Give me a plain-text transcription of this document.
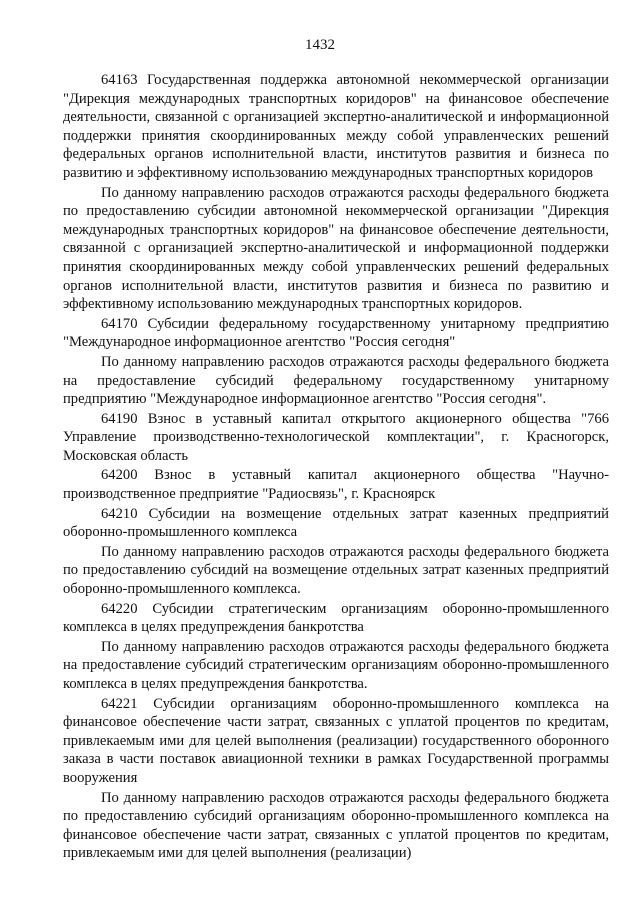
1432

64163 Государственная поддержка автономной некоммерческой организации "Дирекция международных транспортных коридоров" на финансовое обеспечение деятельности, связанной с организацией экспертно-аналитической и информационной поддержки принятия скоординированных между собой управленческих решений федеральных органов исполнительной власти, институтов развития и бизнеса по развитию и эффективному использованию международных транспортных коридоров

По данному направлению расходов отражаются расходы федерального бюджета по предоставлению субсидии автономной некоммерческой организации "Дирекция международных транспортных коридоров" на финансовое обеспечение деятельности, связанной с организацией экспертно-аналитической и информационной поддержки принятия скоординированных между собой управленческих решений федеральных органов исполнительной власти, институтов развития и бизнеса по развитию и эффективному использованию международных транспортных коридоров.

64170 Субсидии федеральному государственному унитарному предприятию "Международное информационное агентство "Россия сегодня"

По данному направлению расходов отражаются расходы федерального бюджета на предоставление субсидий федеральному государственному унитарному предприятию "Международное информационное агентство "Россия сегодня".

64190 Взнос в уставный капитал открытого акционерного общества "766 Управление производственно-технологической комплектации", г. Красногорск, Московская область

64200 Взнос в уставный капитал акционерного общества "Научно-производственное предприятие "Радиосвязь", г. Красноярск

64210 Субсидии на возмещение отдельных затрат казенных предприятий оборонно-промышленного комплекса

По данному направлению расходов отражаются расходы федерального бюджета по предоставлению субсидий на возмещение отдельных затрат казенных предприятий оборонно-промышленного комплекса.

64220 Субсидии стратегическим организациям оборонно-промышленного комплекса в целях предупреждения банкротства

По данному направлению расходов отражаются расходы федерального бюджета на предоставление субсидий стратегическим организациям оборонно-промышленного комплекса в целях предупреждения банкротства.

64221 Субсидии организациям оборонно-промышленного комплекса на финансовое обеспечение части затрат, связанных с уплатой процентов по кредитам, привлекаемым ими для целей выполнения (реализации) государственного оборонного заказа в части поставок авиационной техники в рамках Государственной программы вооружения

По данному направлению расходов отражаются расходы федерального бюджета по предоставлению субсидий организациям оборонно-промышленного комплекса на финансовое обеспечение части затрат, связанных с уплатой процентов по кредитам, привлекаемым ими для целей выполнения (реализации)
